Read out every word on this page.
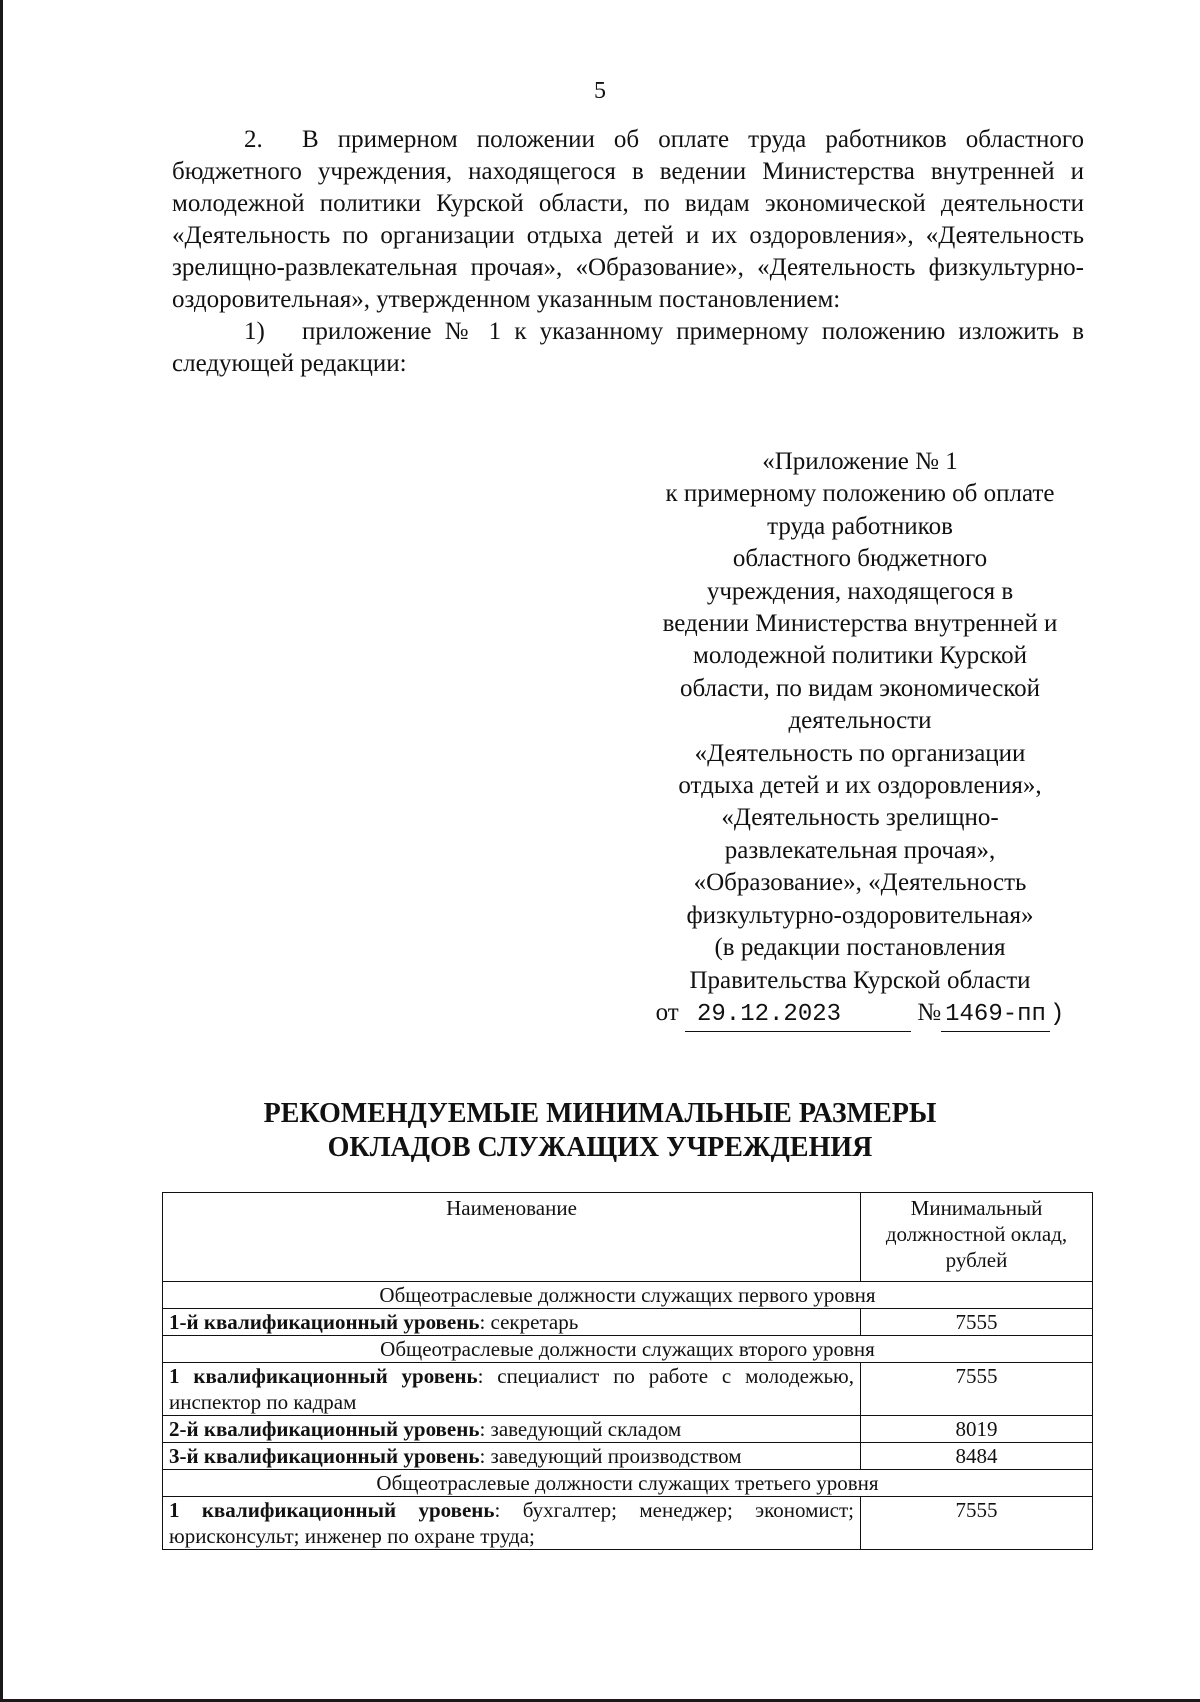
5

2. В примерном положении об оплате труда работников областного бюджетного учреждения, находящегося в ведении Министерства внутренней и молодежной политики Курской области, по видам экономической деятельности «Деятельность по организации отдыха детей и их оздоровления», «Деятельность зрелищно-развлекательная прочая», «Образование», «Деятельность физкультурно-оздоровительная», утвержденном указанным постановлением:

1) приложение № 1 к указанному примерному положению изложить в следующей редакции:

«Приложение № 1
к примерному положению об оплате
труда работников
областного бюджетного
учреждения, находящегося в
ведении Министерства внутренней и
молодежной политики Курской
области, по видам экономической
деятельности
«Деятельность по организации
отдыха детей и их оздоровления»,
«Деятельность зрелищно-
развлекательная прочая»,
«Образование», «Деятельность
физкультурно-оздоровительная»
(в редакции постановления
Правительства Курской области
от 29.12.2023	№ 1469-пп )
РЕКОМЕНДУЕМЫЕ МИНИМАЛЬНЫЕ РАЗМЕРЫ
ОКЛАДОВ СЛУЖАЩИХ УЧРЕЖДЕНИЯ
Наименование	Минимальный должностной оклад, рублей
Общеотраслевые должности служащих первого уровня	
1-й квалификационный уровень: секретарь	7555
Общеотраслевые должности служащих второго уровня	
1 квалификационный уровень: специалист по работе с молодежью, инспектор по кадрам	7555
2-й квалификационный уровень: заведующий складом	8019
3-й квалификационный уровень: заведующий производством	8484
Общеотраслевые должности служащих третьего уровня	
1 квалификационный уровень: бухгалтер; менеджер; экономист; юрисконсульт; инженер по охране труда;	7555
